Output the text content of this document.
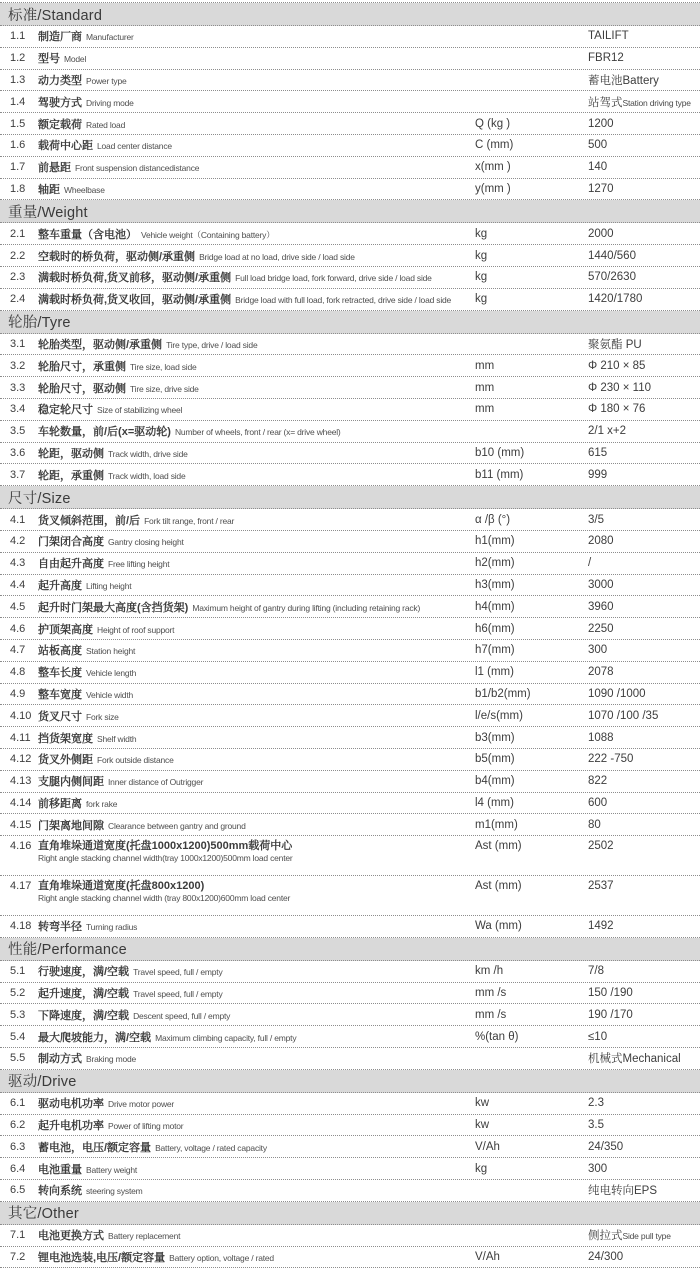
标准/Standard
1.1	制造厂商 Manufacturer	TAILIFT
1.2	型号 Model	FBR12
1.3	动力类型 Power type	蓄电池Battery
1.4	驾驶方式 Driving mode	站驾式Station driving type
1.5	额定载荷 Rated load	Q (kg )	1200
1.6	载荷中心距 Load center distance	C (mm)	500
1.7	前悬距 Front suspension distancedistance	x(mm )	140
1.8	轴距 Wheelbase	y(mm )	1270
重量/Weight
2.1	整车重量（含电池） Vehicle weight（Containing battery）	kg	2000
2.2	空载时的桥负荷，驱动侧/承重侧 Bridge load at no load, drive side / load side	kg	1440/560
2.3	满载时桥负荷,货叉前移，驱动侧/承重侧 Full load bridge load, fork forward, drive side / load side	kg	570/2630
2.4	满载时桥负荷,货叉收回，驱动侧/承重侧 Bridge load with full load, fork retracted, drive side / load side	kg	1420/1780
轮胎/Tyre
3.1	轮胎类型，驱动侧/承重侧 Tire type, drive / load side	聚氨酯 PU
3.2	轮胎尺寸，承重侧 Tire size, load side	mm	Φ 210 × 85
3.3	轮胎尺寸，驱动侧 Tire size, drive side	mm	Φ 230 × 110
3.4	稳定轮尺寸 Size of stabilizing wheel	mm	Φ 180 × 76
3.5	车轮数量，前/后(x=驱动轮) Number of wheels, front / rear (x= drive wheel)	2/1 x+2
3.6	轮距，驱动侧 Track width, drive side	b10 (mm)	615
3.7	轮距，承重侧 Track width, load side	b11 (mm)	999
尺寸/Size
4.1	货叉倾斜范围，前/后 Fork tilt range, front / rear	α /β (°)	3/5
4.2	门架闭合高度 Gantry closing height	h1(mm)	2080
4.3	自由起升高度 Free lifting height	h2(mm)	/
4.4	起升高度 Lifting height	h3(mm)	3000
4.5	起升时门架最大高度(含挡货架) Maximum height of gantry during lifting (including retaining rack)	h4(mm)	3960
4.6	护顶架高度 Height of roof support	h6(mm)	2250
4.7	站板高度 Station height	h7(mm)	300
4.8	整车长度 Vehicle length	l1 (mm)	2078
4.9	整车宽度 Vehicle width	b1/b2(mm)	1090 /1000
4.10 货叉尺寸 Fork size	l/e/s(mm)	1070 /100 /35
4.11 挡货架宽度 Shelf width	b3(mm)	1088
4.12 货叉外侧距 Fork outside distance	b5(mm)	222 -750
4.13 支腿内侧间距 Inner distance of Outrigger	b4(mm)	822
4.14 前移距离 fork rake	l4 (mm)	600
4.15 门架离地间隙 Clearance between gantry and ground	m1(mm)	80
4.16 直角堆垛通道宽度(托盘1000x1200)500mm载荷中心
Right angle stacking channel width(tray 1000x1200)500mm load center
Ast (mm)	2502
4.17 直角堆垛通道宽度(托盘800x1200)
Right angle stacking channel width (tray 800x1200)600mm load center
Ast (mm)	2537
4.18 转弯半径 Turning radius	Wa (mm)	1492
性能/Performance
5.1	行驶速度，满/空载 Travel speed, full / empty	km /h	7/8
5.2	起升速度，满/空载 Travel speed, full / empty	mm /s	150 /190
5.3	下降速度，满/空载 Descent speed, full / empty	mm /s	190 /170
5.4	最大爬坡能力，满/空载 Maximum climbing capacity, full / empty	%(tan θ)	≤10
5.5	制动方式 Braking mode	机械式Mechanical
驱动/Drive
6.1	驱动电机功率 Drive motor power	kw	2.3
6.2	起升电机功率 Power of lifting motor	kw	3.5
6.3	蓄电池，电压/额定容量 Battery, voltage / rated capacity	V/Ah	24/350
6.4	电池重量 Battery weight	kg	300
6.5	转向系统 steering system	纯电转向EPS
其它/Other
7.1	电池更换方式 Battery replacement	侧拉式Side pull type
7.2	锂电池选装,电压/额定容量 Battery option, voltage / rated	V/Ah	24/300
